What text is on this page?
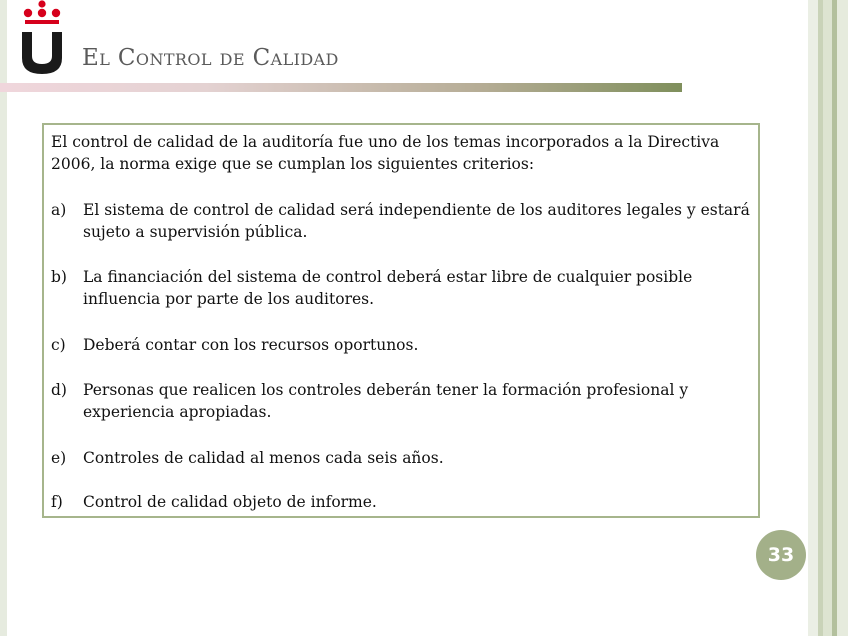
El Control de Calidad

El control de calidad de la auditoría fue uno de los temas incorporados a la Directiva 2006, la norma exige que se cumplan los siguientes criterios:

a) El sistema de control de calidad será independiente de los auditores legales y estará sujeto a supervisión pública.
b) La financiación del sistema de control deberá estar libre de cualquier posible influencia por parte de los auditores.
c) Deberá contar con los recursos oportunos.
d) Personas que realicen los controles deberán tener la formación profesional y experiencia apropiadas.
e) Controles de calidad al menos cada seis años.
f) Control de calidad objeto de informe.
33
